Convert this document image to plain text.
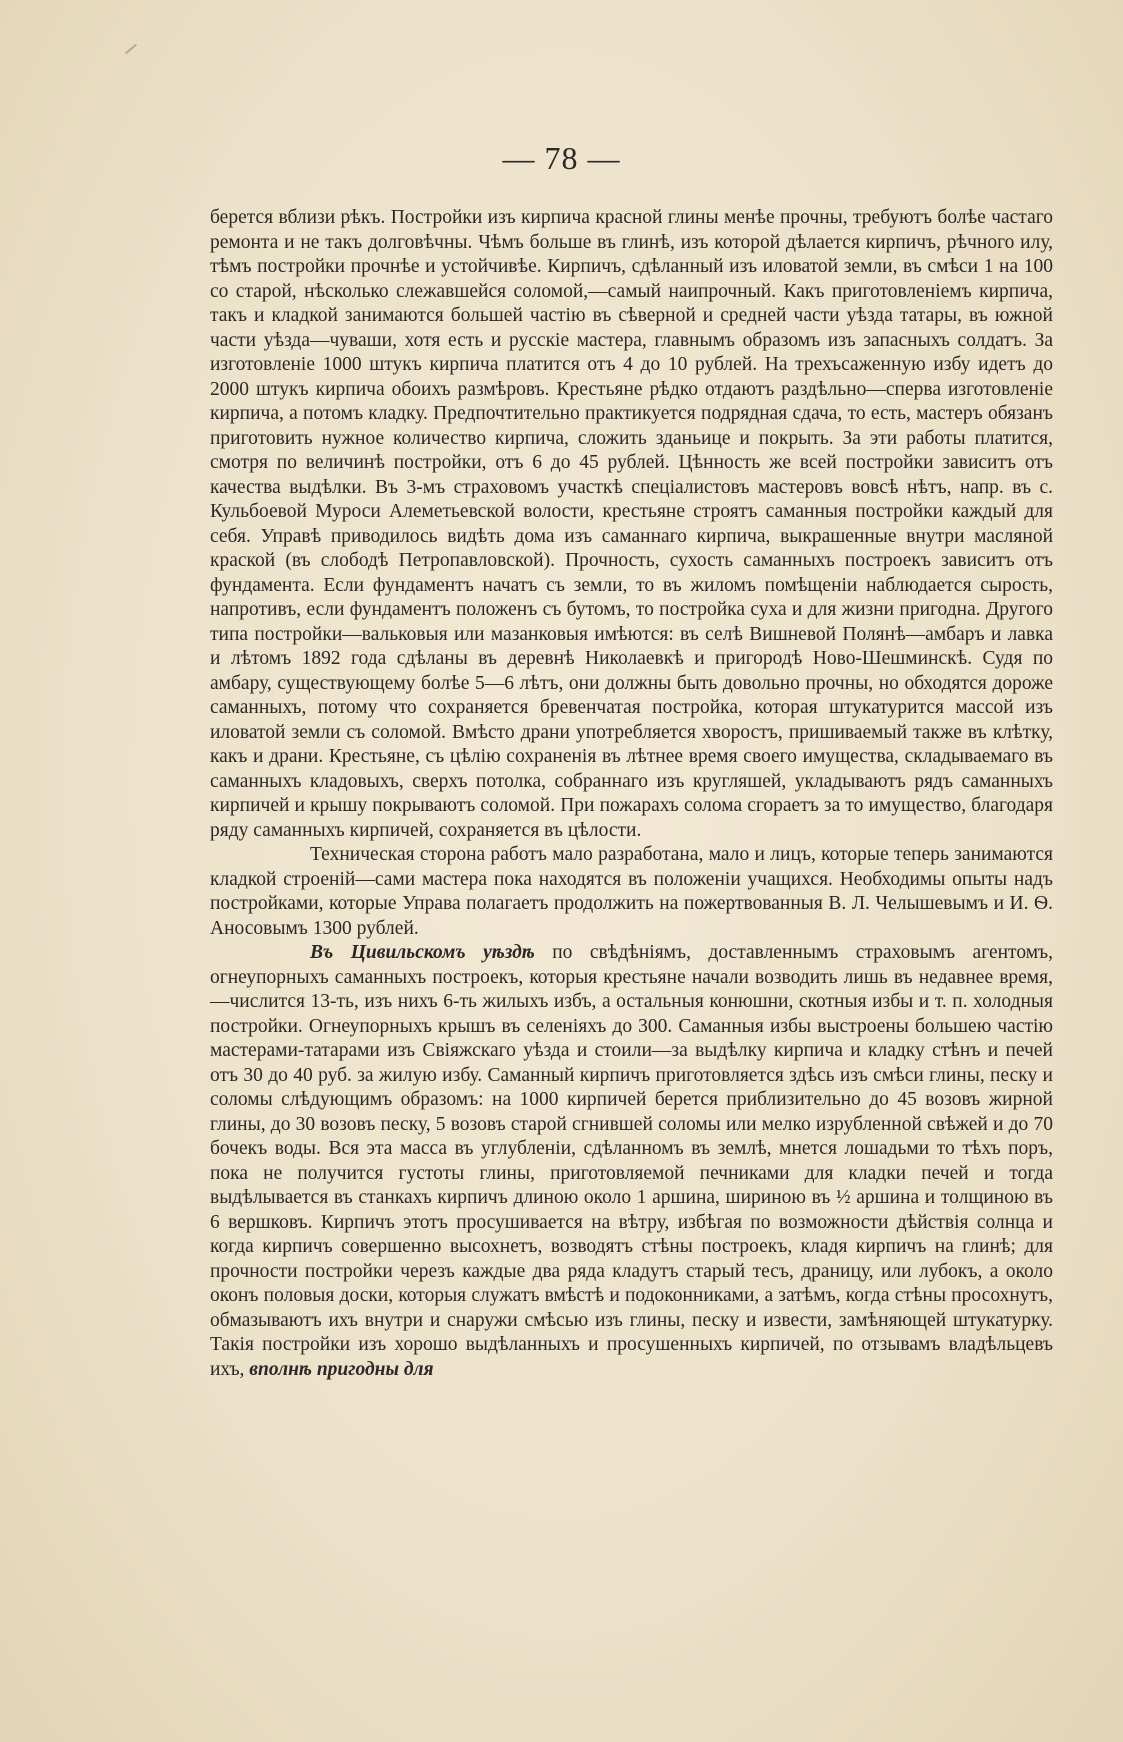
— 78 —

берется вблизи рѣкъ. Постройки изъ кирпича красной глины менѣе прочны, требуютъ болѣе частаго ремонта и не такъ долговѣчны. Чѣмъ больше въ глинѣ, изъ которой дѣлается кирпичъ, рѣчного илу, тѣмъ постройки прочнѣе и устойчивѣе. Кирпичъ, сдѣланный изъ иловатой земли, въ смѣси 1 на 100 со старой, нѣсколько слежавшейся соломой,—самый наипрочный. Какъ приготовленіемъ кирпича, такъ и кладкой занимаются большей частію въ сѣверной и средней части уѣзда татары, въ южной части уѣзда—чуваши, хотя есть и русскіе мастера, главнымъ образомъ изъ запасныхъ солдатъ. За изготовленіе 1000 штукъ кирпича платится отъ 4 до 10 рублей. На трехъсаженную избу идетъ до 2000 штукъ кирпича обоихъ размѣровъ. Крестьяне рѣдко отдаютъ раздѣльно—сперва изготовленіе кирпича, а потомъ кладку. Предпочтительно практикуется подрядная сдача, то есть, мастеръ обязанъ приготовить нужное количество кирпича, сложить зданьице и покрыть. За эти работы платится, смотря по величинѣ постройки, отъ 6 до 45 рублей. Цѣнность же всей постройки зависитъ отъ качества выдѣлки. Въ 3-мъ страховомъ участкѣ спеціалистовъ мастеровъ вовсѣ нѣтъ, напр. въ с. Кульбоевой Муроси Алеметьевской волости, крестьяне строятъ саманныя постройки каждый для себя. Управѣ приводилось видѣть дома изъ саманнаго кирпича, выкрашенные внутри масляной краской (въ слободѣ Петропавловской). Прочность, сухость саманныхъ построекъ зависитъ отъ фундамента. Если фундаментъ начатъ съ земли, то въ жиломъ помѣщеніи наблюдается сырость, напротивъ, если фундаментъ положенъ съ бутомъ, то постройка суха и для жизни пригодна. Другого типа постройки—вальковыя или мазанковыя имѣются: въ селѣ Вишневой Полянѣ—амбаръ и лавка и лѣтомъ 1892 года сдѣланы въ деревнѣ Николаевкѣ и пригородѣ Ново-Шешминскѣ. Судя по амбару, существующему болѣе 5—6 лѣтъ, они должны быть довольно прочны, но обходятся дороже саманныхъ, потому что сохраняется бревенчатая постройка, которая штукатурится массой изъ иловатой земли съ соломой. Вмѣсто драни употребляется хворостъ, пришиваемый также въ клѣтку, какъ и драни. Крестьяне, съ цѣлію сохраненія въ лѣтнее время своего имущества, складываемаго въ саманныхъ кладовыхъ, сверхъ потолка, собраннаго изъ кругляшей, укладываютъ рядъ саманныхъ кирпичей и крышу покрываютъ соломой. При пожарахъ солома сгораетъ за то имущество, благодаря ряду саманныхъ кирпичей, сохраняется въ цѣлости.

Техническая сторона работъ мало разработана, мало и лицъ, которые теперь занимаются кладкой строеній—сами мастера пока находятся въ положеніи учащихся. Необходимы опыты надъ постройками, которые Управа полагаетъ продолжить на пожертвованныя В. Л. Челышевымъ и И. Ѳ. Аносовымъ 1300 рублей.

Въ Цивильскомъ уѣздѣ по свѣдѣніямъ, доставленнымъ страховымъ агентомъ, огнеупорныхъ саманныхъ построекъ, которыя крестьяне начали возводить лишь въ недавнее время,—числится 13-ть, изъ нихъ 6-ть жилыхъ избъ, а остальныя конюшни, скотныя избы и т. п. холодныя постройки. Огнеупорныхъ крышъ въ селеніяхъ до 300. Саманныя избы выстроены большею частію мастерами-татарами изъ Свіяжскаго уѣзда и стоили—за выдѣлку кирпича и кладку стѣнъ и печей отъ 30 до 40 руб. за жилую избу. Саманный кирпичъ приготовляется здѣсь изъ смѣси глины, песку и соломы слѣдующимъ образомъ: на 1000 кирпичей берется приблизительно до 45 возовъ жирной глины, до 30 возовъ песку, 5 возовъ старой сгнившей соломы или мелко изрубленной свѣжей и до 70 бочекъ воды. Вся эта масса въ углубленіи, сдѣланномъ въ землѣ, мнется лошадьми то тѣхъ поръ, пока не получится густоты глины, приготовляемой печниками для кладки печей и тогда выдѣлывается въ станкахъ кирпичъ длиною около 1 аршина, шириною въ ½ аршина и толщиною въ 6 вершковъ. Кирпичъ этотъ просушивается на вѣтру, избѣгая по возможности дѣйствія солнца и когда кирпичъ совершенно высохнетъ, возводятъ стѣны построекъ, кладя кирпичъ на глинѣ; для прочности постройки черезъ каждые два ряда кладутъ старый тесъ, драницу, или лубокъ, а около оконъ половыя доски, которыя служатъ вмѣстѣ и подоконниками, а затѣмъ, когда стѣны просохнутъ, обмазываютъ ихъ внутри и снаружи смѣсью изъ глины, песку и извести, замѣняющей штукатурку. Такія постройки изъ хорошо выдѣланныхъ и просушенныхъ кирпичей, по отзывамъ владѣльцевъ ихъ, вполнѣ пригодны для
